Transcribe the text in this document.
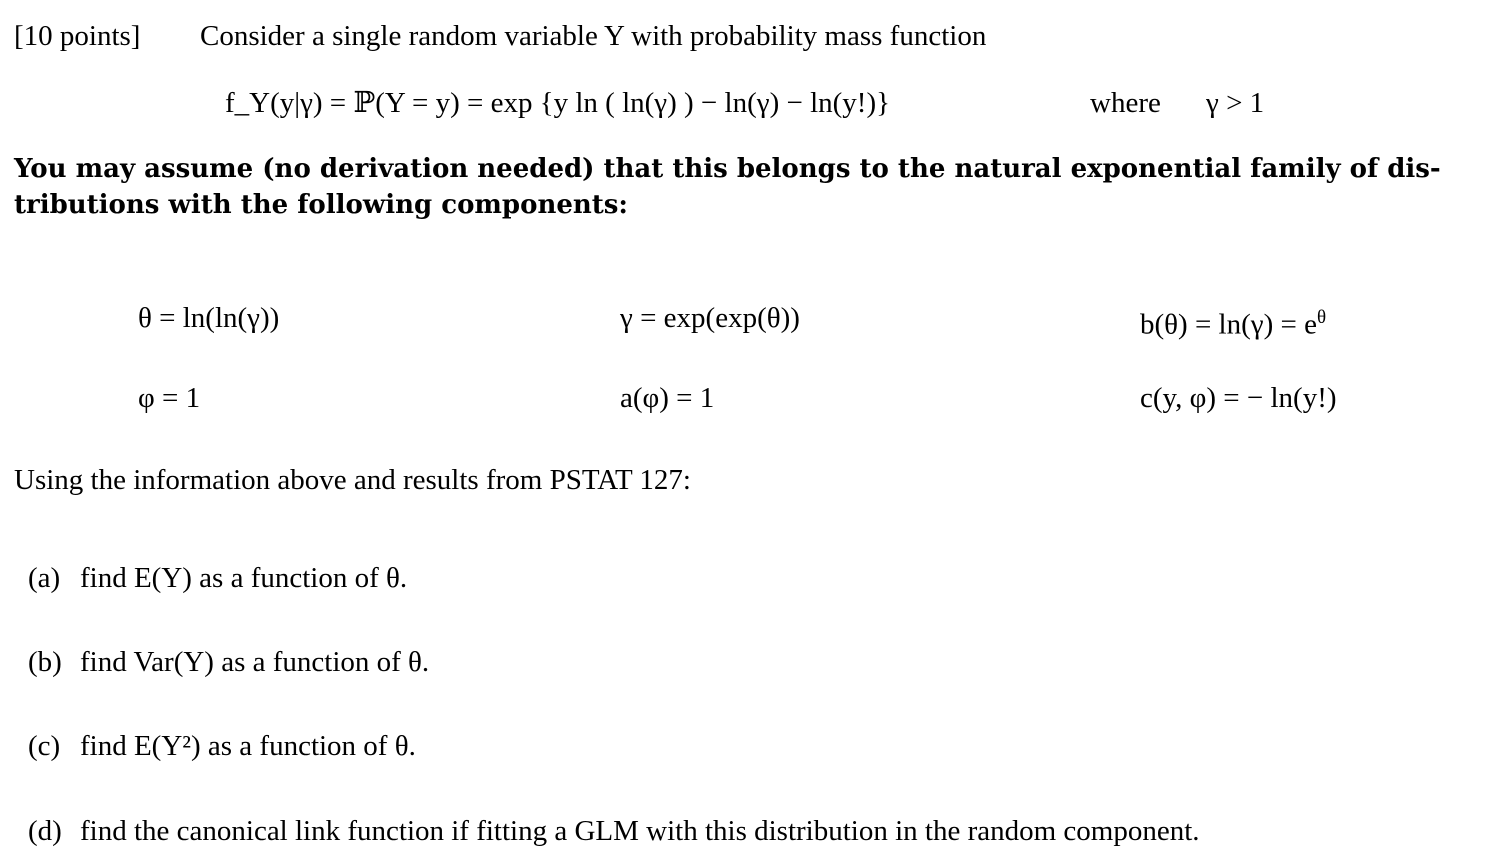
[10 points] Consider a single random variable Y with probability mass function
f_Y(y|γ) = ℙ(Y = y) = exp {y ln ( ln(γ) ) − ln(γ) − ln(y!)}	where γ > 1
You may assume (no derivation needed) that this belongs to the natural exponential family of dis-
tributions with the following components:
θ = ln(ln(γ))	γ = exp(exp(θ))	$b(\theta) = \ln(\gamma) = e^\theta$
φ = 1	a(φ) = 1	c(y, φ) = − ln(y!)
Using the information above and results from PSTAT 127:
(a) find E(Y) as a function of θ.
(b) find Var(Y) as a function of θ.
(c) find E(Y²) as a function of θ.
(d) find the canonical link function if fitting a GLM with this distribution in the random component.
